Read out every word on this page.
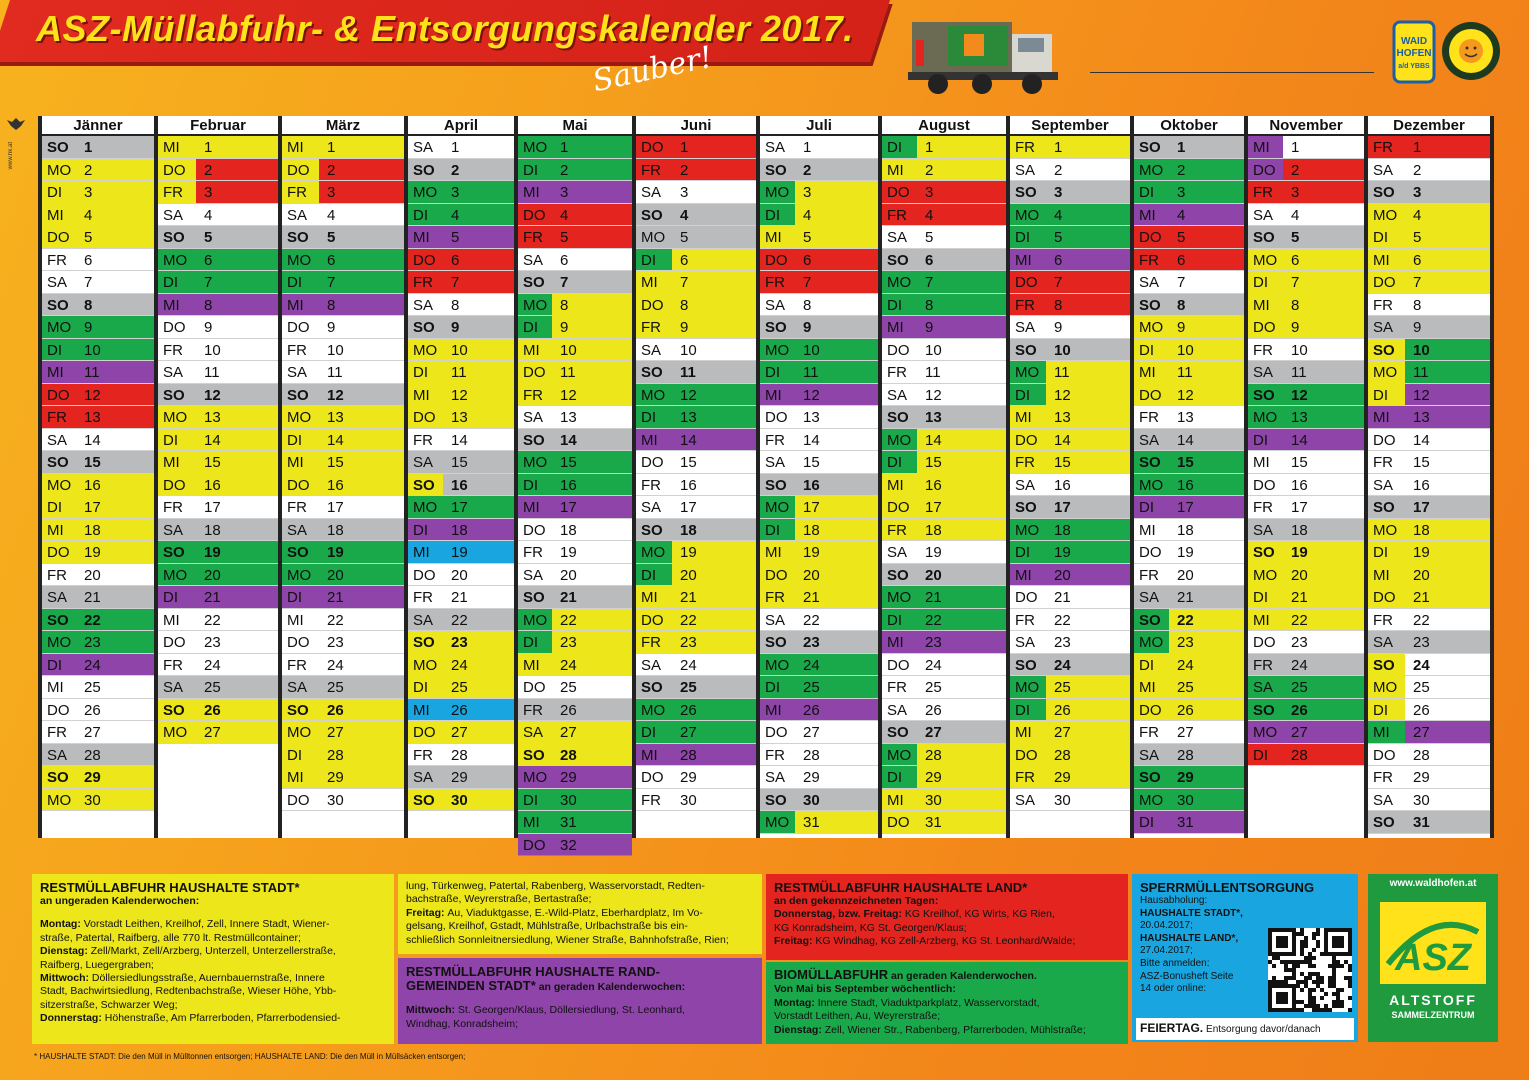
ASZ-Müllabfuhr- & Entsorgungskalender 2017.
Sauber!	WAID
HOFEN
a/d YBBS
www.hk.at
Jänner
SO 1
MO 2
DI 3
MI 4
DO 5
FR 6
SA 7
SO 8
MO 9
DI 10
MI 11
DO 12
FR 13
SA 14
SO 15
MO 16
DI 17
MI 18
DO 19
FR 20
SA 21
SO 22
MO 23
DI 24
MI 25
DO 26
FR 27
SA 28
SO 29
MO 30
Februar
MI 1
DO 2
FR 3
SA 4
SO 5
MO 6
DI 7
MI 8
DO 9
FR 10
SA 11
SO 12
MO 13
DI 14
MI 15
DO 16
FR 17
SA 18
SO 19
MO 20
DI 21
MI 22
DO 23
FR 24
SA 25
SO 26
MO 27
März
MI 1
DO 2
FR 3
SA 4
SO 5
MO 6
DI 7
MI 8
DO 9
FR 10
SA 11
SO 12
MO 13
DI 14
MI 15
DO 16
FR 17
SA 18
SO 19
MO 20
DI 21
MI 22
DO 23
FR 24
SA 25
SO 26
MO 27
DI 28
MI 29
DO 30
April
SA 1
SO 2
MO 3
DI 4
MI 5
DO 6
FR 7
SA 8
SO 9
MO 10
DI 11
MI 12
DO 13
FR 14
SA 15
SO 16
MO 17
DI 18
MI 19
DO 20
FR 21
SA 22
SO 23
MO 24
DI 25
MI 26
DO 27
FR 28
SA 29
SO 30
Mai
MO 1
DI 2
MI 3
DO 4
FR 5
SA 6
SO 7
MO 8
DI 9
MI 10
DO 11
FR 12
SA 13
SO 14
MO 15
DI 16
MI 17
DO 18
FR 19
SA 20
SO 21
MO 22
DI 23
MI 24
DO 25
FR 26
SA 27
SO 28
MO 29
DI 30
MI 31
DO 32
Juni
DO 1
FR 2
SA 3
SO 4
MO 5
DI 6
MI 7
DO 8
FR 9
SA 10
SO 11
MO 12
DI 13
MI 14
DO 15
FR 16
SA 17
SO 18
MO 19
DI 20
MI 21
DO 22
FR 23
SA 24
SO 25
MO 26
DI 27
MI 28
DO 29
FR 30
Juli
SA 1
SO 2
MO 3
DI 4
MI 5
DO 6
FR 7
SA 8
SO 9
MO 10
DI 11
MI 12
DO 13
FR 14
SA 15
SO 16
MO 17
DI 18
MI 19
DO 20
FR 21
SA 22
SO 23
MO 24
DI 25
MI 26
DO 27
FR 28
SA 29
SO 30
MO 31
August
DI 1
MI 2
DO 3
FR 4
SA 5
SO 6
MO 7
DI 8
MI 9
DO 10
FR 11
SA 12
SO 13
MO 14
DI 15
MI 16
DO 17
FR 18
SA 19
SO 20
MO 21
DI 22
MI 23
DO 24
FR 25
SA 26
SO 27
MO 28
DI 29
MI 30
DO 31
September
FR 1
SA 2
SO 3
MO 4
DI 5
MI 6
DO 7
FR 8
SA 9
SO 10
MO 11
DI 12
MI 13
DO 14
FR 15
SA 16
SO 17
MO 18
DI 19
MI 20
DO 21
FR 22
SA 23
SO 24
MO 25
DI 26
MI 27
DO 28
FR 29
SA 30
Oktober
SO 1
MO 2
DI 3
MI 4
DO 5
FR 6
SA 7
SO 8
MO 9
DI 10
MI 11
DO 12
FR 13
SA 14
SO 15
MO 16
DI 17
MI 18
DO 19
FR 20
SA 21
SO 22
MO 23
DI 24
MI 25
DO 26
FR 27
SA 28
SO 29
MO 30
DI 31
November
MI 1
DO 2
FR 3
SA 4
SO 5
MO 6
DI 7
MI 8
DO 9
FR 10
SA 11
SO 12
MO 13
DI 14
MI 15
DO 16
FR 17
SA 18
SO 19
MO 20
DI 21
MI 22
DO 23
FR 24
SA 25
SO 26
MO 27
DI 28
Dezember
FR 1
SA 2
SO 3
MO 4
DI 5
MI 6
DO 7
FR 8
SA 9
SO 10
MO 11
DI 12
MI 13
DO 14
FR 15
SA 16
SO 17
MO 18
DI 19
MI 20
DO 21
FR 22
SA 23
SO 24
MO 25
DI 26
MI 27
DO 28
FR 29
SA 30
SO 31
RESTMÜLLABFUHR HAUSHALTE STADT*
an ungeraden Kalenderwochen:

Montag: Vorstadt Leithen, Kreilhof, Zell, Innere Stadt, Wiener-

straße, Patertal, Raifberg, alle 770 lt. Restmüllcontainer;

Dienstag: Zell/Markt, Zell/Arzberg, Unterzell, Unterzellerstraße,

Raifberg, Luegergraben;

Mittwoch: Döllersiedlungsstraße, Auernbauernstraße, Innere

Stadt, Bachwirtsiedlung, Redtenbachstraße, Wieser Höhe, Ybb-

sitzerstraße, Schwarzer Weg;

Donnerstag: Höhenstraße, Am Pfarrerboden, Pfarrerbodensied-

lung, Türkenweg, Patertal, Rabenberg, Wasservorstadt, Redten-

bachstraße, Weyrerstraße, Bertastraße;

Freitag: Au, Viaduktgasse, E.-Wild-Platz, Eberhardplatz, Im Vo-

gelsang, Kreilhof, Gstadt, Mühlstraße, Urlbachstraße bis ein-

schließlich Sonnleitnersiedlung, Wiener Straße, Bahnhofstraße, Rien;

RESTMÜLLABFUHR HAUSHALTE RAND-
GEMEINDEN STADT* an geraden Kalenderwochen:

Mittwoch: St. Georgen/Klaus, Döllersiedlung, St. Leonhard,

Windhag, Konradsheim;

RESTMÜLLABFUHR HAUSHALTE LAND*
an den gekennzeichneten Tagen:

Donnerstag, bzw. Freitag: KG Kreilhof, KG Wirts, KG Rien,

KG Konradsheim, KG St. Georgen/Klaus;

Freitag: KG Windhag, KG Zell-Arzberg, KG St. Leonhard/Walde;

BIOMÜLLABFUHR an geraden Kalenderwochen.
Von Mai bis September wöchentlich:

Montag: Innere Stadt, Viaduktparkplatz, Wasservorstadt,

Vorstadt Leithen, Au, Weyrerstraße;

Dienstag: Zell, Wiener Str., Rabenberg, Pfarrerboden, Mühlstraße;

SPERRMÜLLENTSORGUNG

Hausabholung:

HAUSHALTE STADT*,

20.04.2017;

HAUSHALTE LAND*,

27.04.2017;

Bitte anmelden:

ASZ-Bonusheft Seite

14 oder online:

FEIERTAG. Entsorgung davor/danach
www.waldhofen.at
ASZ
ALTSTOFF
SAMMELZENTRUM
* HAUSHALTE STADT: Die den Müll in Mülltonnen entsorgen; HAUSHALTE LAND: Die den Müll in Müllsäcken entsorgen;
